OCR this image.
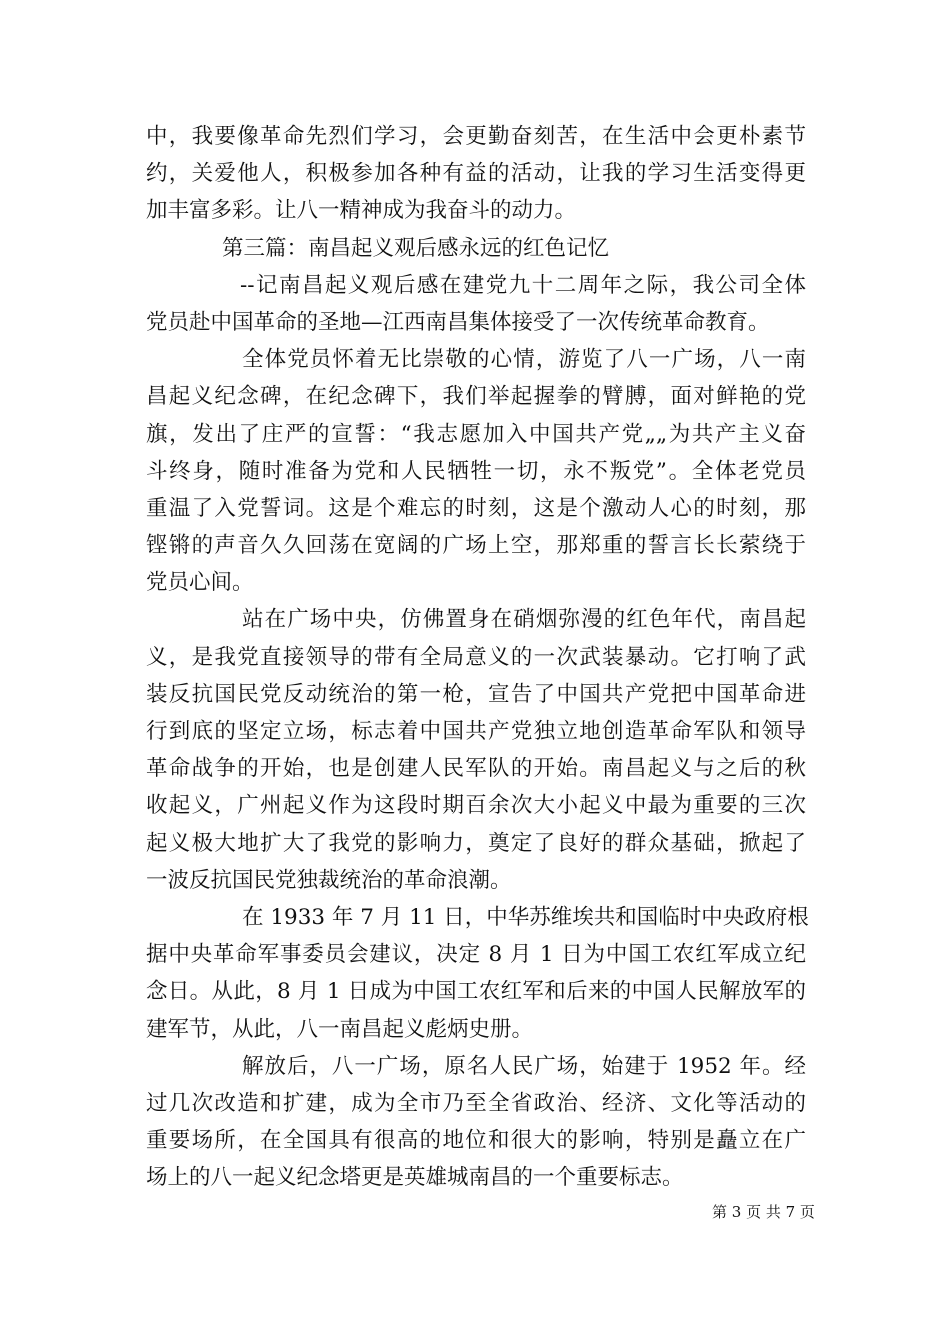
中，我要像革命先烈们学习，会更勤奋刻苦，在生活中会更朴素节
约，关爱他人，积极参加各种有益的活动，让我的学习生活变得更
加丰富多彩。让八一精神成为我奋斗的动力。
第三篇：南昌起义观后感永远的红色记忆
--记南昌起义观后感在建党九十二周年之际，我公司全体
党员赴中国革命的圣地—江西南昌集体接受了一次传统革命教育。
全体党员怀着无比崇敬的心情，游览了八一广场，八一南
昌起义纪念碑，在纪念碑下，我们举起握拳的臂膊，面对鲜艳的党
旗，发出了庄严的宣誓：“我志愿加入中国共产党„„为共产主义奋
斗终身，随时准备为党和人民牺牲一切，永不叛党”。全体老党员
重温了入党誓词。这是个难忘的时刻，这是个激动人心的时刻，那
铿锵的声音久久回荡在宽阔的广场上空，那郑重的誓言长长萦绕于
党员心间。
站在广场中央，仿佛置身在硝烟弥漫的红色年代，南昌起
义，是我党直接领导的带有全局意义的一次武装暴动。它打响了武
装反抗国民党反动统治的第一枪，宣告了中国共产党把中国革命进
行到底的坚定立场，标志着中国共产党独立地创造革命军队和领导
革命战争的开始，也是创建人民军队的开始。南昌起义与之后的秋
收起义，广州起义作为这段时期百余次大小起义中最为重要的三次
起义极大地扩大了我党的影响力，奠定了良好的群众基础，掀起了
一波反抗国民党独裁统治的革命浪潮。
在 1933 年 7 月 11 日，中华苏维埃共和国临时中央政府根
据中央革命军事委员会建议，决定 8 月 1 日为中国工农红军成立纪
念日。从此，8 月 1 日成为中国工农红军和后来的中国人民解放军的
建军节，从此，八一南昌起义彪炳史册。
解放后，八一广场，原名人民广场，始建于 1952 年。经
过几次改造和扩建，成为全市乃至全省政治、经济、文化等活动的
重要场所，在全国具有很高的地位和很大的影响，特别是矗立在广
场上的八一起义纪念塔更是英雄城南昌的一个重要标志。
第 3 页 共 7 页
